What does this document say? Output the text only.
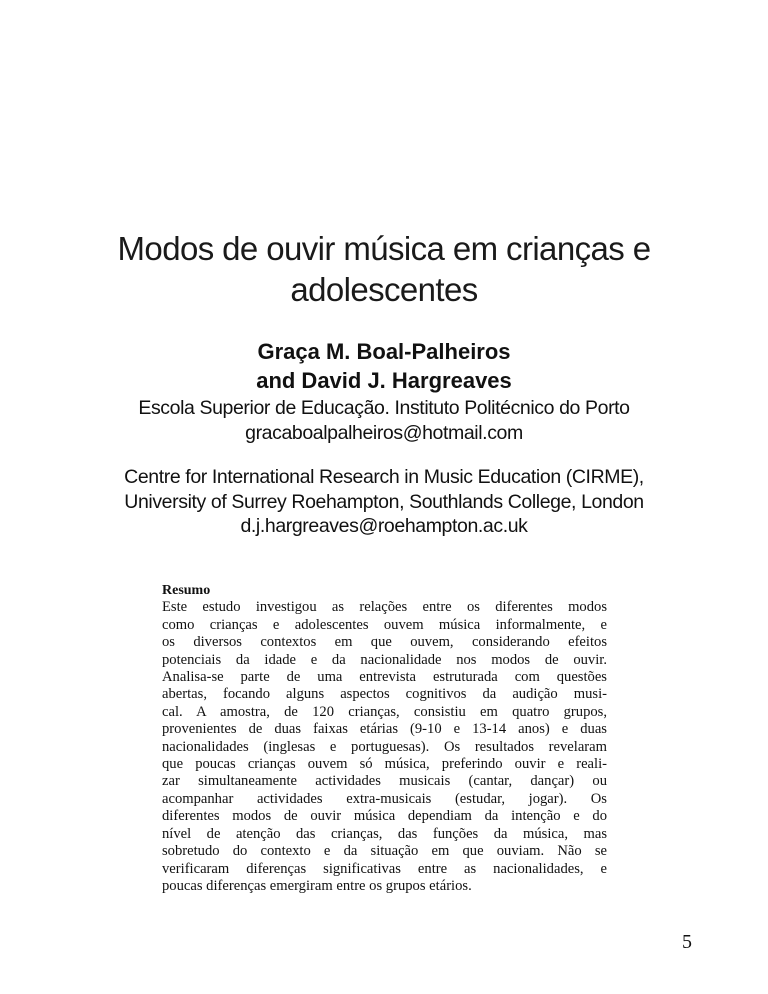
Modos de ouvir música em crianças e
adolescentes
Graça M. Boal-Palheiros
and David J. Hargreaves
Escola Superior de Educação. Instituto Politécnico do Porto
gracaboalpalheiros@hotmail.com
Centre for International Research in Music Education (CIRME),
University of Surrey Roehampton, Southlands College, London
d.j.hargreaves@roehampton.ac.uk
Resumo
Este estudo investigou as relações entre os diferentes modos
como crianças e adolescentes ouvem música informalmente, e
os diversos contextos em que ouvem, considerando efeitos
potenciais da idade e da nacionalidade nos modos de ouvir.
Analisa-se parte de uma entrevista estruturada com questões
abertas, focando alguns aspectos cognitivos da audição musi-
cal. A amostra, de 120 crianças, consistiu em quatro grupos,
provenientes de duas faixas etárias (9-10 e 13-14 anos) e duas
nacionalidades (inglesas e portuguesas). Os resultados revelaram
que poucas crianças ouvem só música, preferindo ouvir e reali-
zar simultaneamente actividades musicais (cantar, dançar) ou
acompanhar actividades extra-musicais (estudar, jogar). Os
diferentes modos de ouvir música dependiam da intenção e do
nível de atenção das crianças, das funções da música, mas
sobretudo do contexto e da situação em que ouviam. Não se
verificaram diferenças significativas entre as nacionalidades, e
poucas diferenças emergiram entre os grupos etários.
5
